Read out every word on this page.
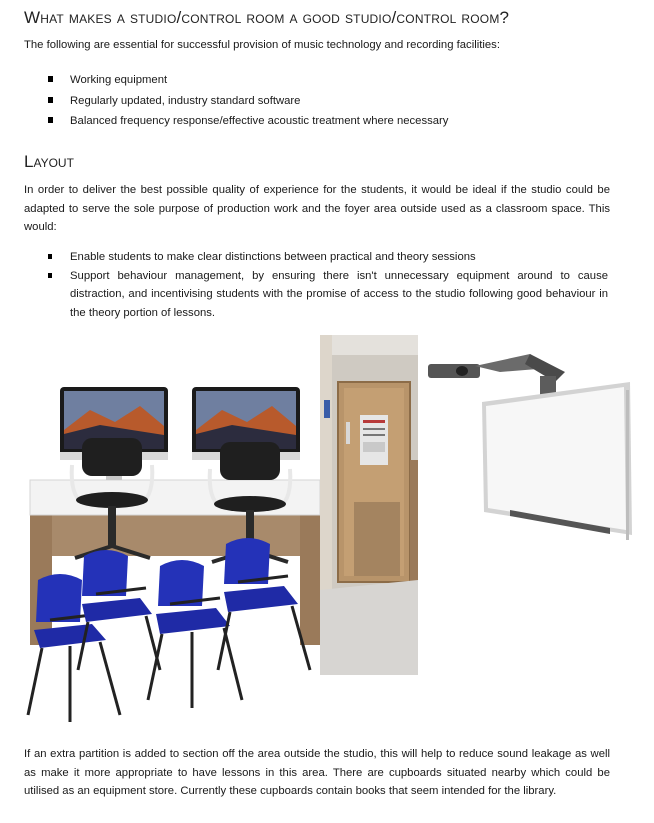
What makes a studio/control room a good studio/control room?

The following are essential for successful provision of music technology and recording facilities:

Working equipment
Regularly updated, industry standard software
Balanced frequency response/effective acoustic treatment where necessary
Layout

In order to deliver the best possible quality of experience for the students, it would be ideal if the studio could be adapted to serve the sole purpose of production work and the foyer area outside used as a classroom space. This would:

Enable students to make clear distinctions between practical and theory sessions
Support behaviour management, by ensuring there isn't unnecessary equipment around to cause distraction, and incentivising students with the promise of access to the studio following good behaviour in the theory portion of lessons.

If an extra partition is added to section off the area outside the studio, this will help to reduce sound leakage as well as make it more appropriate to have lessons in this area. There are cupboards situated nearby which could be utilised as an equipment store. Currently these cupboards contain books that seem intended for the library.
